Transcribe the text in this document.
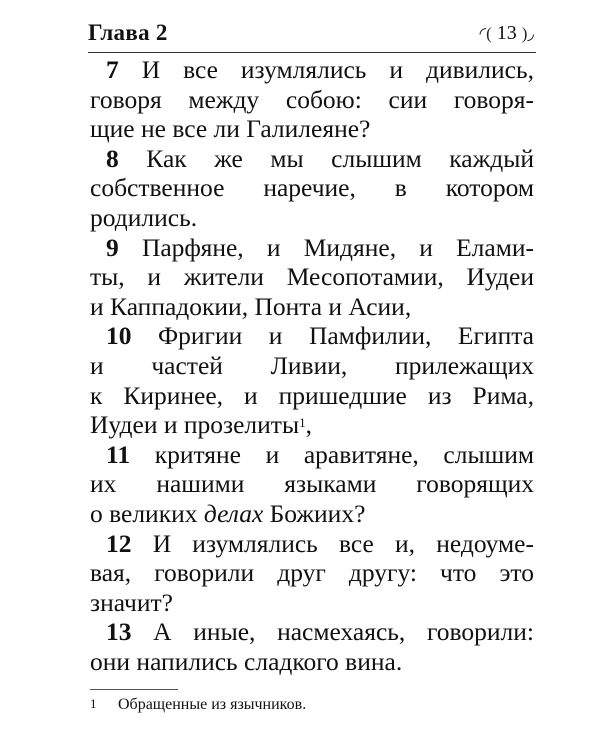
Глава 2	◜( 13 )◞
7 И все изумлялись и дивились,
говоря между собою: сии говоря-
щие не все ли Галилеяне?
8 Как же мы слышим каждый
собственное наречие, в котором
родились.
9 Парфяне, и Мидяне, и Елами-
ты, и жители Месопотамии, Иудеи
и Каппадокии, Понта и Асии,
10 Фригии и Памфилии, Египта
и частей Ливии, прилежащих
к Киринее, и пришедшие из Рима,
Иудеи и прозелиты$^1$,
11 критяне и аравитяне, слышим
их нашими языками говорящих
о великих делах Божиих?
12 И изумлялись все и, недоуме-
вая, говорили друг другу: что это
значит?
13 А иные, насмехаясь, говорили:
они напились сладкого вина.
1 Обращенные из язычников.
